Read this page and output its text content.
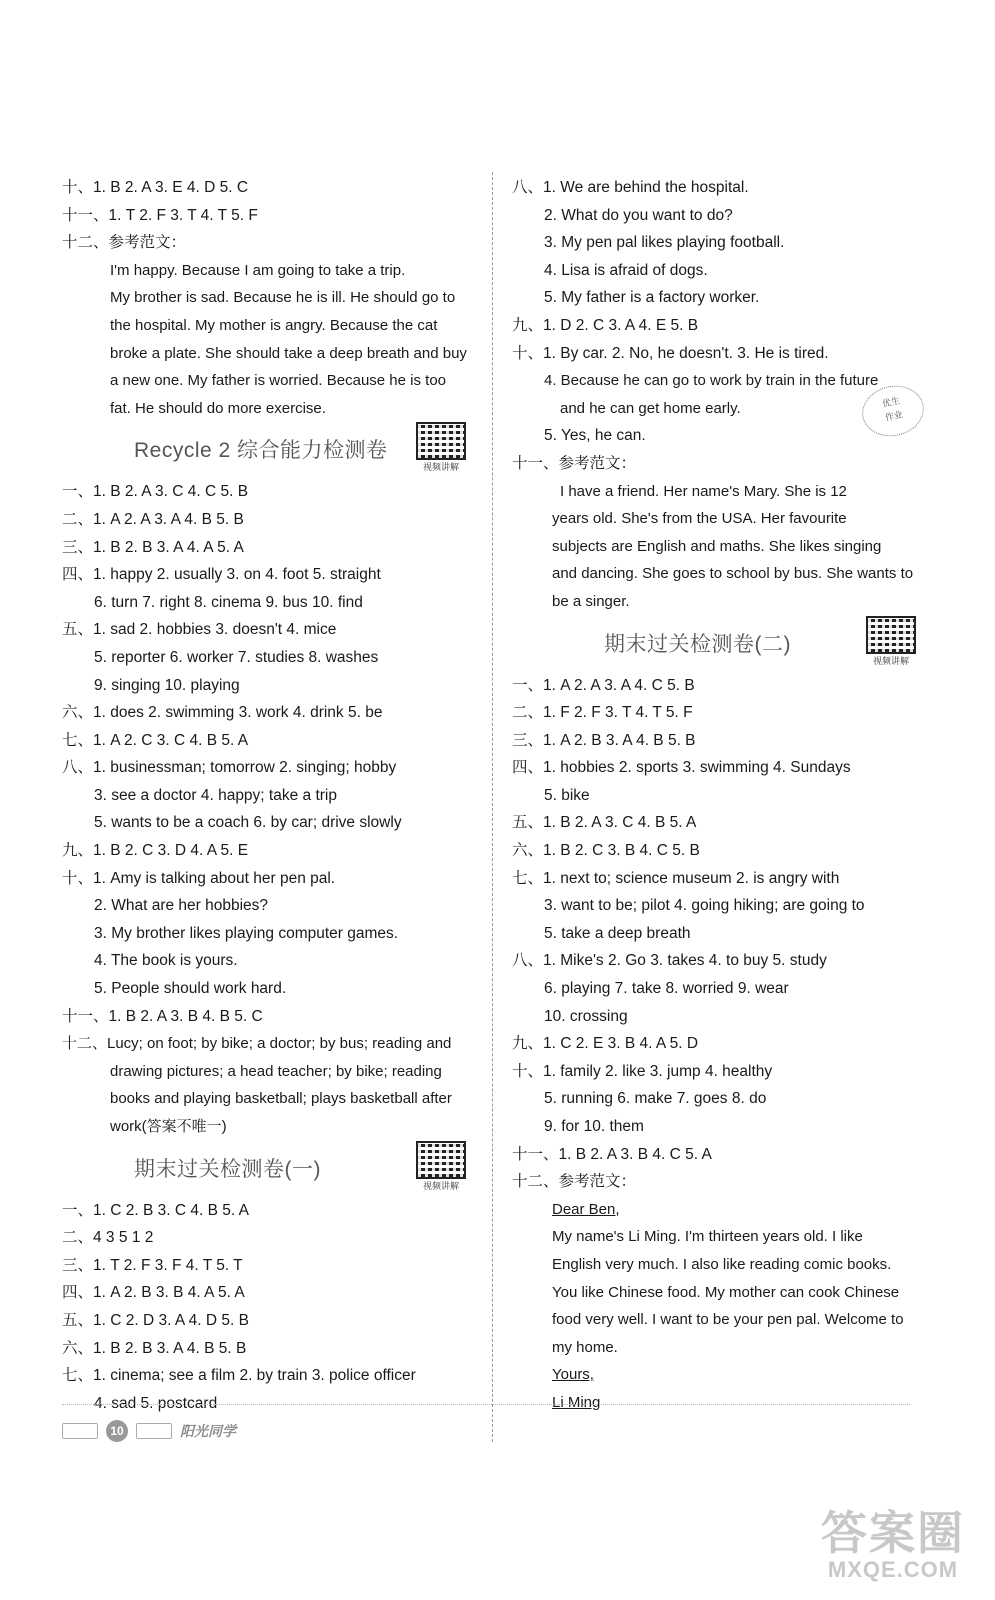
十、1. B 2. A 3. E 4. D 5. C
十一、1. T 2. F 3. T 4. T 5. F
十二、参考范文：
I'm happy. Because I am going to take a trip.
My brother is sad. Because he is ill. He should go to
the hospital. My mother is angry. Because the cat
broke a plate. She should take a deep breath and buy
a new one. My father is worried. Because he is too
fat. He should do more exercise.
Recycle 2 综合能力检测卷
视频讲解
一、1. B 2. A 3. C 4. C 5. B
二、1. A 2. A 3. A 4. B 5. B
三、1. B 2. B 3. A 4. A 5. A
四、1. happy 2. usually 3. on 4. foot 5. straight
6. turn 7. right 8. cinema 9. bus 10. find
五、1. sad 2. hobbies 3. doesn't 4. mice
5. reporter 6. worker 7. studies 8. washes
9. singing 10. playing
六、1. does 2. swimming 3. work 4. drink 5. be
七、1. A 2. C 3. C 4. B 5. A
八、1. businessman; tomorrow 2. singing; hobby
3. see a doctor 4. happy; take a trip
5. wants to be a coach 6. by car; drive slowly
九、1. B 2. C 3. D 4. A 5. E
十、1. Amy is talking about her pen pal.
2. What are her hobbies?
3. My brother likes playing computer games.
4. The book is yours.
5. People should work hard.
十一、1. B 2. A 3. B 4. B 5. C
十二、Lucy; on foot; by bike; a doctor; by bus; reading and
drawing pictures; a head teacher; by bike; reading
books and playing basketball; plays basketball after
work(答案不唯一)
期末过关检测卷(一)
视频讲解
一、1. C 2. B 3. C 4. B 5. A
二、4 3 5 1 2
三、1. T 2. F 3. F 4. T 5. T
四、1. A 2. B 3. B 4. A 5. A
五、1. C 2. D 3. A 4. D 5. B
六、1. B 2. B 3. A 4. B 5. B
七、1. cinema; see a film 2. by train 3. police officer
4. sad 5. postcard
八、1. We are behind the hospital.
2. What do you want to do?
3. My pen pal likes playing football.
4. Lisa is afraid of dogs.
5. My father is a factory worker.
九、1. D 2. C 3. A 4. E 5. B
十、1. By car. 2. No, he doesn't. 3. He is tired.
4. Because he can go to work by train in the future
and he can get home early.
5. Yes, he can.
十一、参考范文：
I have a friend. Her name's Mary. She is 12
years old. She's from the USA. Her favourite
subjects are English and maths. She likes singing
and dancing. She goes to school by bus. She wants to
be a singer.
期末过关检测卷(二)
视频讲解
一、1. A 2. A 3. A 4. C 5. B
二、1. F 2. F 3. T 4. T 5. F
三、1. A 2. B 3. A 4. B 5. B
四、1. hobbies 2. sports 3. swimming 4. Sundays
5. bike
五、1. B 2. A 3. C 4. B 5. A
六、1. B 2. C 3. B 4. C 5. B
七、1. next to; science museum 2. is angry with
3. want to be; pilot 4. going hiking; are going to
5. take a deep breath
八、1. Mike's 2. Go 3. takes 4. to buy 5. study
6. playing 7. take 8. worried 9. wear
10. crossing
九、1. C 2. E 3. B 4. A 5. D
十、1. family 2. like 3. jump 4. healthy
5. running 6. make 7. goes 8. do
9. for 10. them
十一、1. B 2. A 3. B 4. C 5. A
十二、参考范文：
Dear Ben,
My name's Li Ming. I'm thirteen years old. I like
English very much. I also like reading comic books.
You like Chinese food. My mother can cook Chinese
food very well. I want to be your pen pal. Welcome to
my home.
Yours,
Li Ming
优生
作业
10	阳光同学
答案圈
MXQE.COM
